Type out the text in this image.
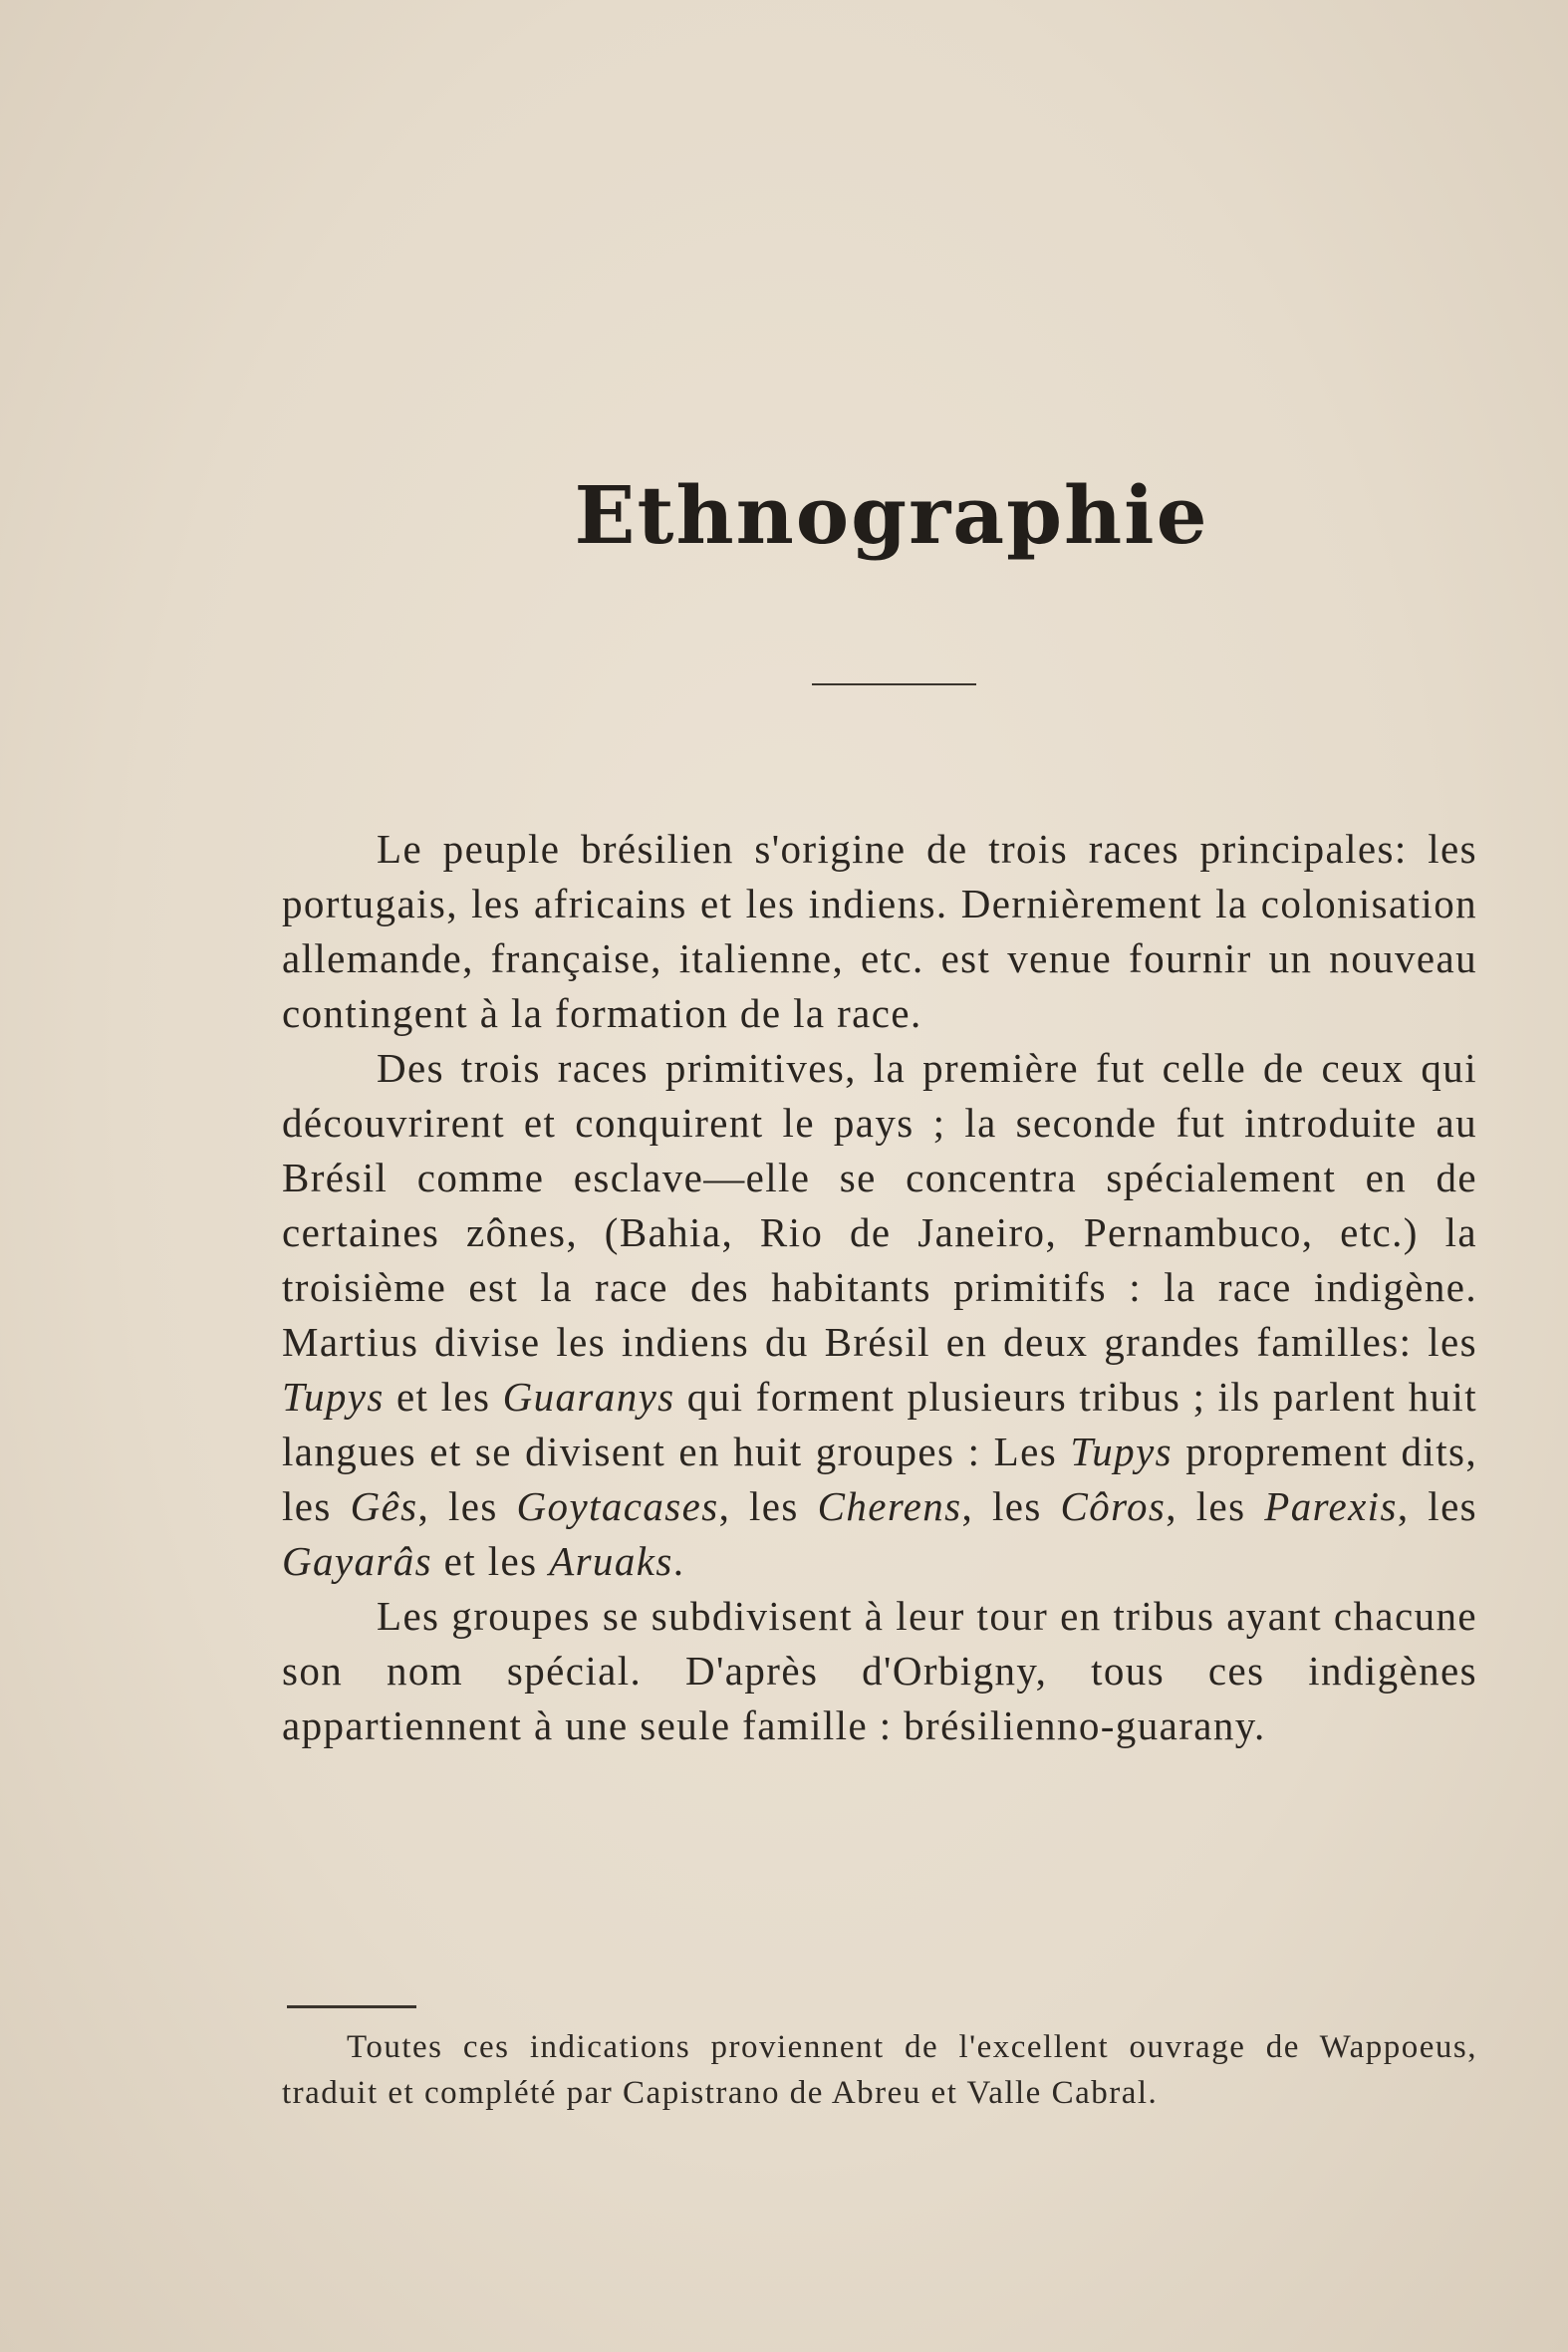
Ethnographie

Le peuple brésilien s'origine de trois races principales: les portugais, les africains et les indiens. Dernièrement la colonisation allemande, française, italienne, etc. est venue fournir un nouveau contingent à la formation de la race.

Des trois races primitives, la première fut celle de ceux qui découvrirent et conquirent le pays ; la seconde fut introduite au Brésil comme esclave—elle se concentra spécialement en de certaines zônes, (Bahia, Rio de Janeiro, Pernambuco, etc.) la troisième est la race des habitants primitifs : la race indigène. Martius divise les indiens du Brésil en deux grandes familles: les Tupys et les Guaranys qui forment plusieurs tribus ; ils parlent huit langues et se divisent en huit groupes : Les Tupys proprement dits, les Gês, les Goytacases, les Cherens, les Côros, les Parexis, les Gayarâs et les Aruaks.

Les groupes se subdivisent à leur tour en tribus ayant chacune son nom spécial. D'après d'Orbigny, tous ces indigènes appartiennent à une seule famille : brésilienno-guarany.

Toutes ces indications proviennent de l'excellent ouvrage de Wappoeus, traduit et complété par Capistrano de Abreu et Valle Cabral.
